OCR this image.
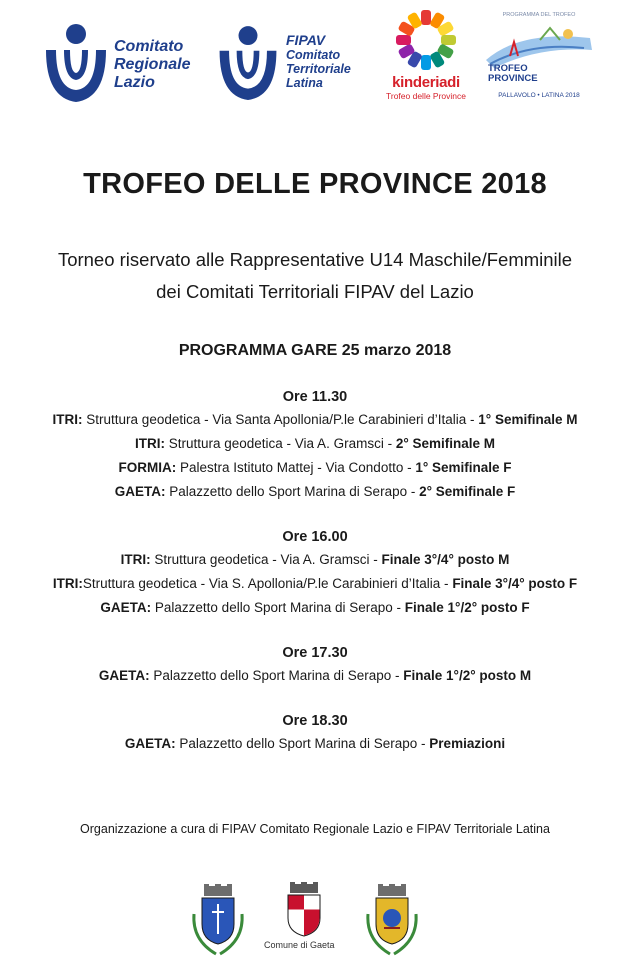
Comitato
Regionale
Lazio
FIPAV
Comitato
Territoriale
Latina	kinderiadi
Trofeo delle Province
PROGRAMMA DEL TROFEO
TROFEO
PROVINCE
PALLAVOLO • LATINA 2018
TROFEO DELLE PROVINCE 2018
Torneo riservato alle Rappresentative U14 Maschile/Femminile
dei Comitati Territoriali FIPAV del Lazio
PROGRAMMA GARE 25 marzo 2018
Ore 11.30
ITRI: Struttura geodetica - Via Santa Apollonia/P.le Carabinieri d’Italia - 1° Semifinale M
ITRI: Struttura geodetica - Via A. Gramsci - 2° Semifinale M
FORMIA: Palestra Istituto Mattej - Via Condotto - 1° Semifinale F
GAETA: Palazzetto dello Sport Marina di Serapo - 2° Semifinale F
Ore 16.00
ITRI: Struttura geodetica - Via A. Gramsci - Finale 3°/4° posto M
ITRI:Struttura geodetica - Via S. Apollonia/P.le Carabinieri d’Italia - Finale 3°/4° posto F
GAETA: Palazzetto dello Sport Marina di Serapo - Finale 1°/2° posto F
Ore 17.30
GAETA: Palazzetto dello Sport Marina di Serapo - Finale 1°/2° posto M
Ore 18.30
GAETA: Palazzetto dello Sport Marina di Serapo - Premiazioni
Organizzazione a cura di FIPAV Comitato Regionale Lazio e FIPAV Territoriale Latina
Comune di Gaeta
